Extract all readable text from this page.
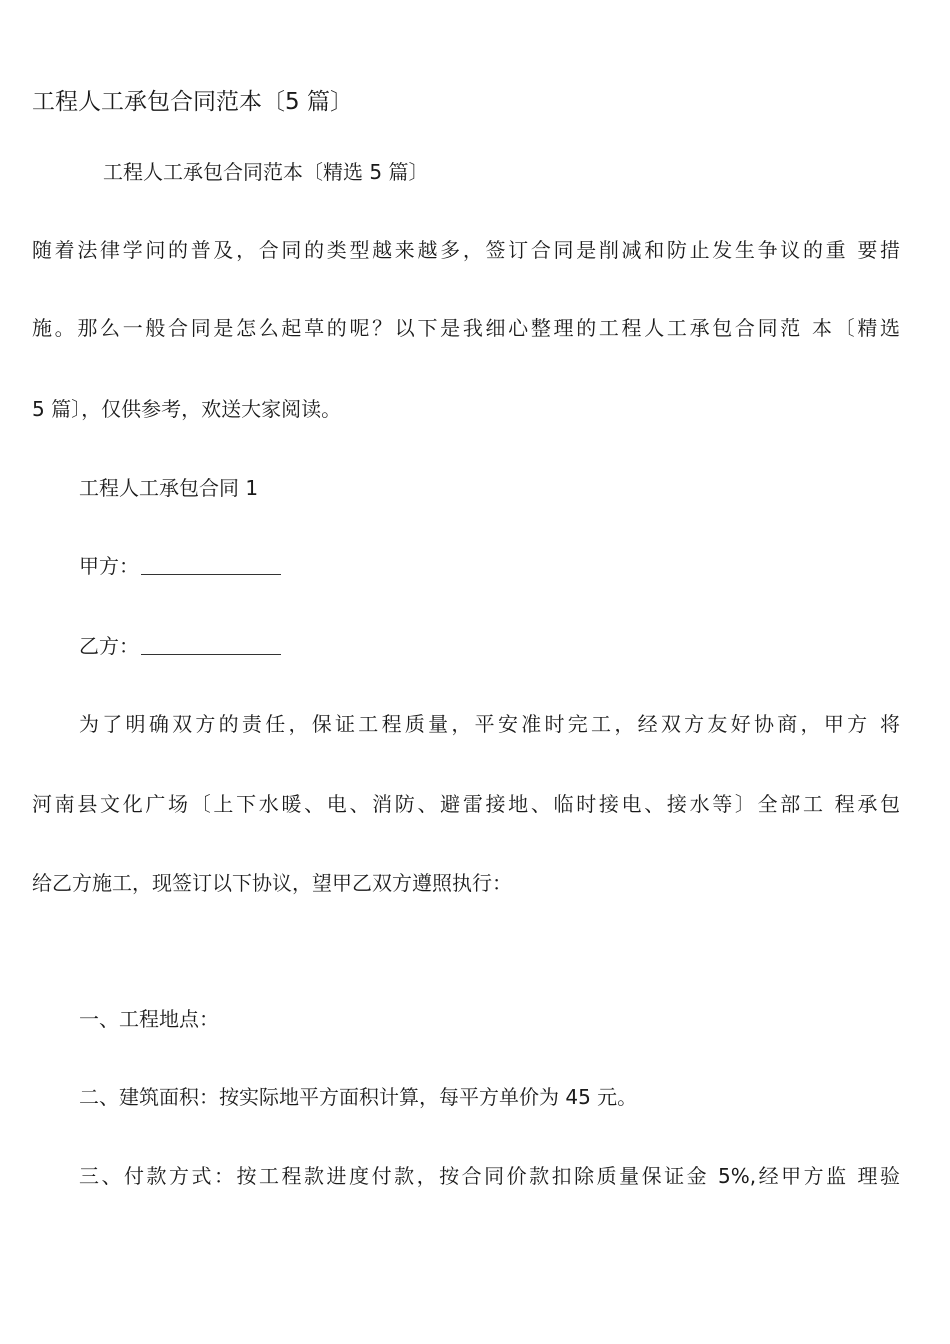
工程人工承包合同范本〔5 篇〕
工程人工承包合同范本〔精选 5 篇〕
随着法律学问的普及，合同的类型越来越多，签订合同是削减和防止发生争议的重 要措
施。那么一般合同是怎么起草的呢？以下是我细心整理的工程人工承包合同范 本〔精选
5 篇〕，仅供参考，欢送大家阅读。
工程人工承包合同 1
甲方：
乙方：
为了明确双方的责任，保证工程质量，平安准时完工，经双方友好协商，甲方 将
河南县文化广场〔上下水暖、电、消防、避雷接地、临时接电、接水等〕全部工 程承包
给乙方施工，现签订以下协议，望甲乙双方遵照执行：
一、工程地点：
二、建筑面积：按实际地平方面积计算，每平方单价为 45 元。
三、付款方式：按工程款进度付款，按合同价款扣除质量保证金 5%,经甲方监 理验
